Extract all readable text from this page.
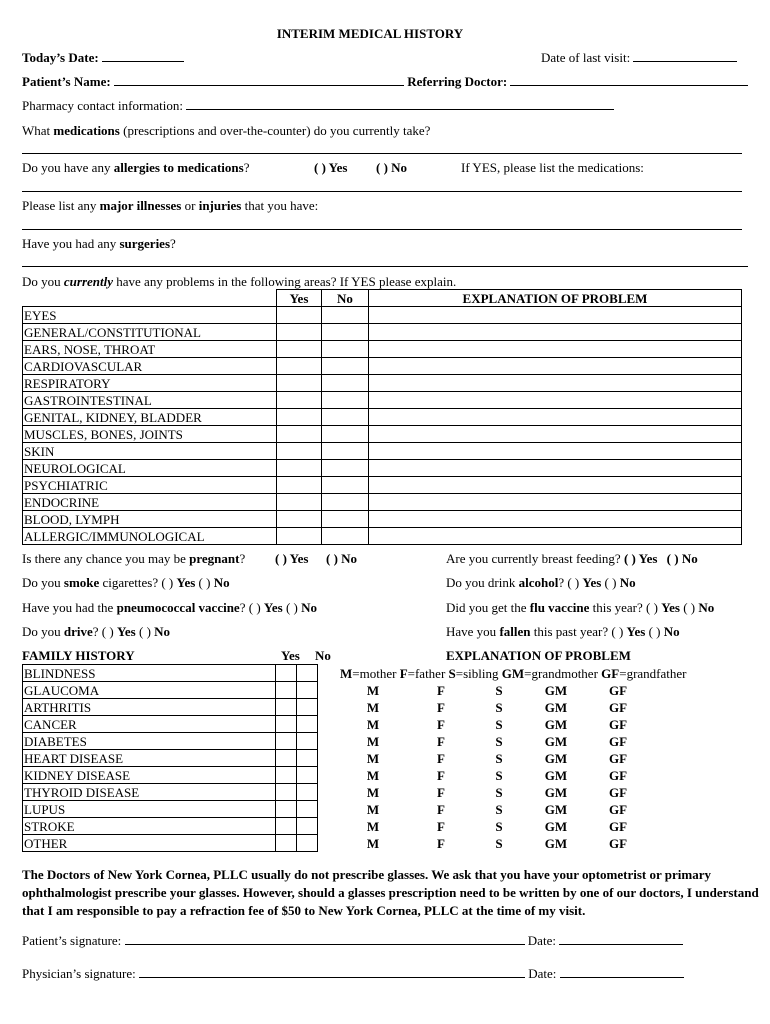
INTERIM MEDICAL HISTORY
Today’s Date:	Date of last visit:
Patient’s Name:	Referring Doctor:
Pharmacy contact information:
What medications (prescriptions and over-the-counter) do you currently take?
Do you have any allergies to medications?	( ) Yes ( ) No	If YES, please list the medications:
Please list any major illnesses or injuries that you have:
Have you had any surgeries?
Do you currently have any problems in the following areas? If YES please explain.
	Yes	No	EXPLANATION OF PROBLEM
EYES			
GENERAL/CONSTITUTIONAL			
EARS, NOSE, THROAT			
CARDIOVASCULAR			
RESPIRATORY			
GASTROINTESTINAL			
GENITAL, KIDNEY, BLADDER			
MUSCLES, BONES, JOINTS			
SKIN			
NEUROLOGICAL			
PSYCHIATRIC			
ENDOCRINE			
BLOOD, LYMPH			
ALLERGIC/IMMUNOLOGICAL			
Is there any chance you may be pregnant? ( ) Yes ( ) No	Are you currently breast feeding? ( ) Yes ( ) No
Do you smoke cigarettes? ( ) Yes ( ) No	Do you drink alcohol? ( ) Yes ( ) No
Have you had the pneumococcal vaccine? ( ) Yes ( ) No	Did you get the flu vaccine this year? ( ) Yes ( ) No
Do you drive? ( ) Yes ( ) No	Have you fallen this past year? ( ) Yes ( ) No
FAMILY HISTORY	Yes No	EXPLANATION OF PROBLEM
BLINDNESS			M=mother F=father S=sibling GM=grandmother GF=grandfather
GLAUCOMA			M F S GM GF
ARTHRITIS			M F S GM GF
CANCER			M F S GM GF
DIABETES			M F S GM GF
HEART DISEASE			M F S GM GF
KIDNEY DISEASE			M F S GM GF
THYROID DISEASE			M F S GM GF
LUPUS			M F S GM GF
STROKE			M F S GM GF
OTHER			M F S GM GF
The Doctors of New York Cornea, PLLC usually do not prescribe glasses. We ask that you have your optometrist or primary ophthalmologist prescribe your glasses. However, should a glasses prescription need to be written by one of our doctors, I understand that I am responsible to pay a refraction fee of $50 to New York Cornea, PLLC at the time of my visit.
Patient’s signature:	Date:
Physician’s signature:	Date:
